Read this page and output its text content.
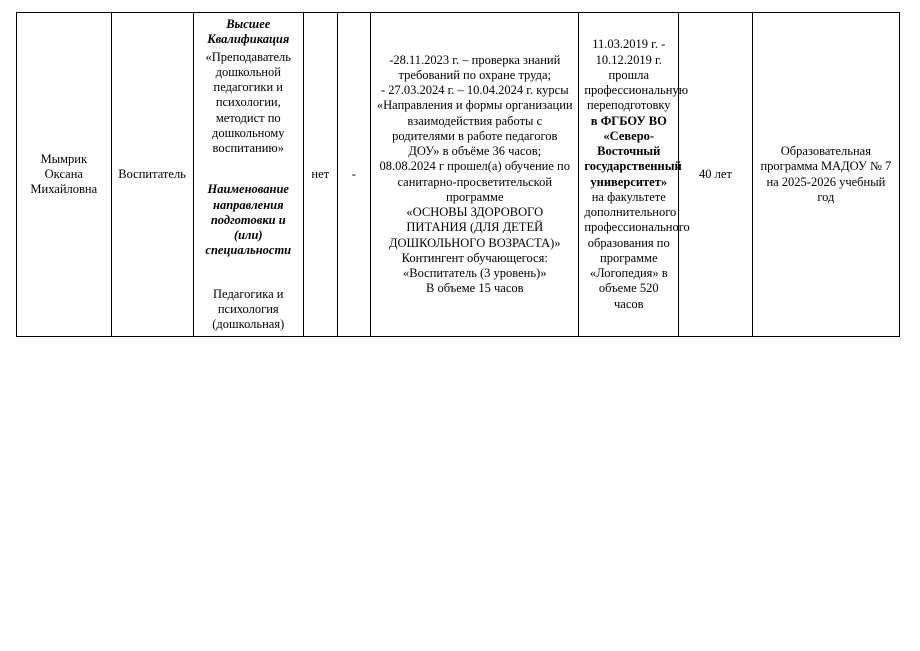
Мымрик
Оксана
Михайловна

Воспитатель

Высшее Квалификация
«Преподаватель дошкольной педагогики и психологии, методист по дошкольному воспитанию»
Наименование направления подготовки и (или) специальности
Педагогика и психология (дошкольная)

нет	-

-28.11.2023 г. – проверка знаний требований по охране труда;
- 27.03.2024 г. – 10.04.2024 г. курсы «Направления и формы организации взаимодействия работы с родителями в работе педагогов ДОУ» в объёме 36 часов;
08.08.2024 г прошел(а) обучение по санитарно-просветительской программе
«ОСНОВЫ ЗДОРОВОГО ПИТАНИЯ (ДЛЯ ДЕТЕЙ ДОШКОЛЬНОГО ВОЗРАСТА)»
Контингент обучающегося: «Воспитатель (3 уровень)»
В объеме 15 часов

11.03.2019 г. - 10.12.2019 г.
прошла профессиональную переподготовку
в ФГБОУ ВО «Северо-Восточный государственный университет»
на факультете дополнительного профессионального образования по программе «Логопедия» в объеме 520 часов

40 лет

Образовательная программа МАДОУ № 7 на 2025-2026 учебный год
